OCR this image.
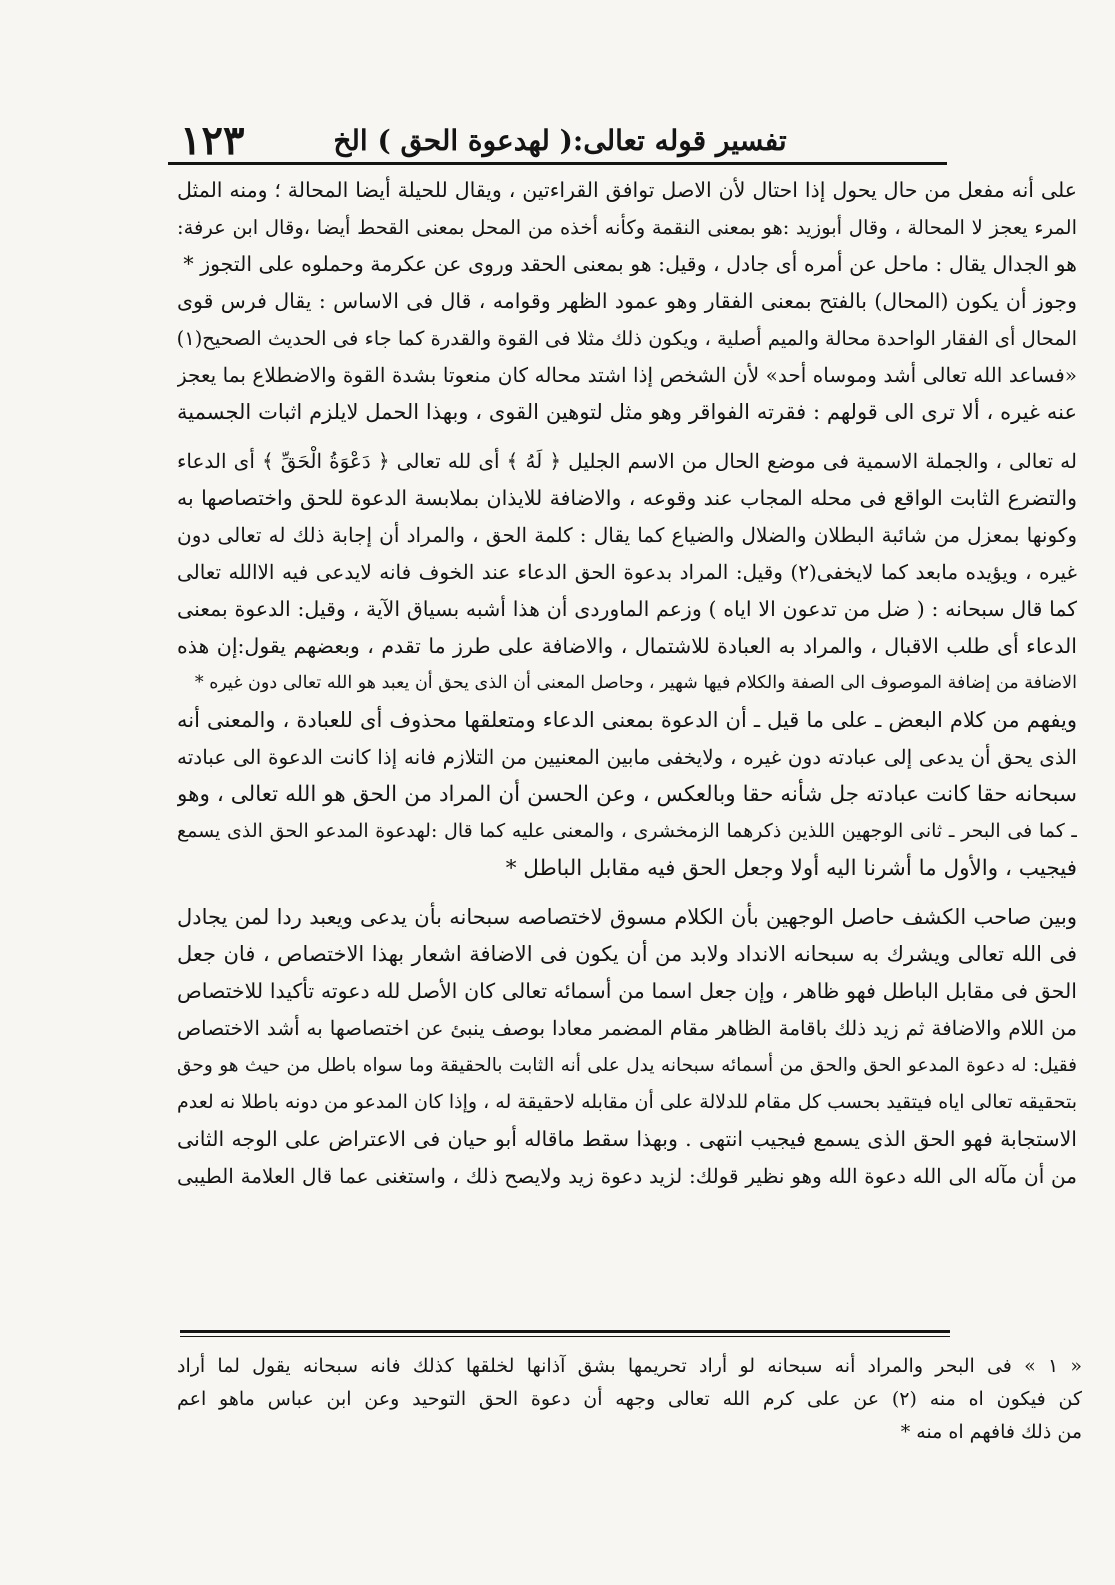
١٢٣	تفسير قوله تعالى:( لهدعوة الحق ) الخ
على أنه مفعل من حال يحول إذا احتال لأن الاصل توافق القراءتين ، ويقال للحيلة أيضا المحالة ؛ ومنه المثل
المرء يعجز لا المحالة ، وقال أبوزيد :هو بمعنى النقمة وكأنه أخذه من المحل بمعنى القحط أيضا ،وقال ابن عرفة:
هو الجدال يقال : ماحل عن أمره أى جادل ، وقيل: هو بمعنى الحقد وروى عن عكرمة وحملوه على التجوز *
وجوز أن يكون (المحال) بالفتح بمعنى الفقار وهو عمود الظهر وقوامه ، قال فى الاساس : يقال فرس قوى
المحال أى الفقار الواحدة محالة والميم أصلية ، ويكون ذلك مثلا فى القوة والقدرة كما جاء فى الحديث الصحيح(١)
«فساعد الله تعالى أشد وموساه أحد» لأن الشخص إذا اشتد محاله كان منعوتا بشدة القوة والاضطلاع بما يعجز
عنه غيره ، ألا ترى الى قولهم : فقرته الفواقر وهو مثل لتوهين القوى ، وبهذا الحمل لايلزم اثبات الجسمية
له تعالى ، والجملة الاسمية فى موضع الحال من الاسم الجليل ﴿ لَهُ ﴾ أى لله تعالى ﴿ دَعْوَةُ الْحَقِّ ﴾ أى الدعاء
والتضرع الثابت الواقع فى محله المجاب عند وقوعه ، والاضافة للايذان بملابسة الدعوة للحق واختصاصها به
وكونها بمعزل من شائبة البطلان والضلال والضياع كما يقال : كلمة الحق ، والمراد أن إجابة ذلك له تعالى دون
غيره ، ويؤيده مابعد كما لايخفى(٢) وقيل: المراد بدعوة الحق الدعاء عند الخوف فانه لايدعى فيه الاالله تعالى
كما قال سبحانه : ( ضل من تدعون الا اياه ) وزعم الماوردى أن هذا أشبه بسياق الآية ، وقيل: الدعوة بمعنى
الدعاء أى طلب الاقبال ، والمراد به العبادة للاشتمال ، والاضافة على طرز ما تقدم ، وبعضهم يقول:إن هذه
الاضافة من إضافة الموصوف الى الصفة والكلام فيها شهير ، وحاصل المعنى أن الذى يحق أن يعبد هو الله تعالى دون غيره *
ويفهم من كلام البعض ـ على ما قيل ـ أن الدعوة بمعنى الدعاء ومتعلقها محذوف أى للعبادة ، والمعنى أنه
الذى يحق أن يدعى إلى عبادته دون غيره ، ولايخفى مابين المعنيين من التلازم فانه إذا كانت الدعوة الى عبادته
سبحانه حقا كانت عبادته جل شأنه حقا وبالعكس ، وعن الحسن أن المراد من الحق هو الله تعالى ، وهو
ـ كما فى البحر ـ ثانى الوجهين اللذين ذكرهما الزمخشرى ، والمعنى عليه كما قال :لهدعوة المدعو الحق الذى يسمع
فيجيب ، والأول ما أشرنا اليه أولا وجعل الحق فيه مقابل الباطل *
وبين صاحب الكشف حاصل الوجهين بأن الكلام مسوق لاختصاصه سبحانه بأن يدعى ويعبد ردا لمن يجادل
فى الله تعالى ويشرك به سبحانه الانداد ولابد من أن يكون فى الاضافة اشعار بهذا الاختصاص ، فان جعل
الحق فى مقابل الباطل فهو ظاهر ، وإن جعل اسما من أسمائه تعالى كان الأصل لله دعوته تأكيدا للاختصاص
من اللام والاضافة ثم زيد ذلك باقامة الظاهر مقام المضمر معادا بوصف ينبئ عن اختصاصها به أشد الاختصاص
فقيل: له دعوة المدعو الحق والحق من أسمائه سبحانه يدل على أنه الثابت بالحقيقة وما سواه باطل من حيث هو وحق
بتحقيقه تعالى اياه فيتقيد بحسب كل مقام للدلالة على أن مقابله لاحقيقة له ، وإذا كان المدعو من دونه باطلا نه لعدم
الاستجابة فهو الحق الذى يسمع فيجيب انتهى . وبهذا سقط ماقاله أبو حيان فى الاعتراض على الوجه الثانى
من أن مآله الى الله دعوة الله وهو نظير قولك: لزيد دعوة زيد ولايصح ذلك ، واستغنى عما قال العلامة الطيبى
« ١ » فى البحر والمراد أنه سبحانه لو أراد تحريمها بشق آذانها لخلقها كذلك فانه سبحانه يقول لما أراد
كن فيكون اه منه (٢) عن على كرم الله تعالى وجهه أن دعوة الحق التوحيد وعن ابن عباس ماهو اعم
من ذلك فافهم اه منه *
